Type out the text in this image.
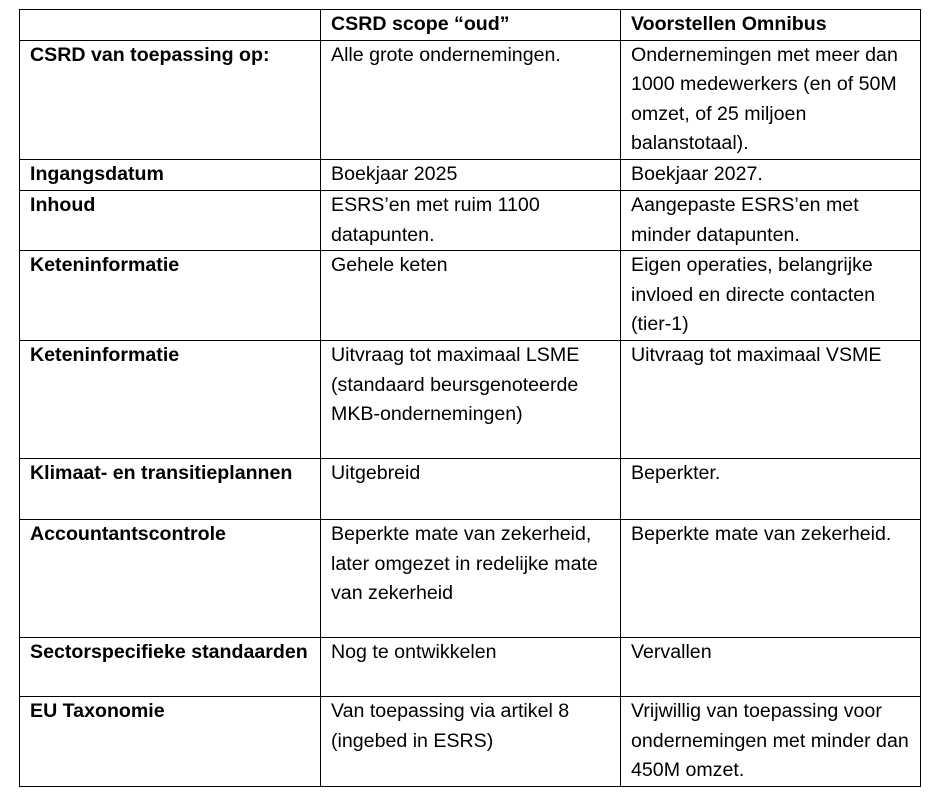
	CSRD scope “oud”	Voorstellen Omnibus
CSRD van toepassing op:	Alle grote ondernemingen.	Ondernemingen met meer dan 1000 medewerkers (en of 50M omzet, of 25 miljoen balanstotaal).
Ingangsdatum	Boekjaar 2025	Boekjaar 2027.
Inhoud	ESRS’en met ruim 1100 datapunten.	Aangepaste ESRS’en met minder datapunten.
Keteninformatie	Gehele keten	Eigen operaties, belangrijke invloed en directe contacten (tier-1)
Keteninformatie	Uitvraag tot maximaal LSME (standaard beursgenoteerde MKB-ondernemingen)	Uitvraag tot maximaal VSME
Klimaat- en transitieplannen	Uitgebreid	Beperkter.
Accountantscontrole	Beperkte mate van zekerheid, later omgezet in redelijke mate van zekerheid	Beperkte mate van zekerheid.
Sectorspecifieke standaarden	Nog te ontwikkelen	Vervallen
EU Taxonomie	Van toepassing via artikel 8 (ingebed in ESRS)	Vrijwillig van toepassing voor ondernemingen met minder dan 450M omzet.
